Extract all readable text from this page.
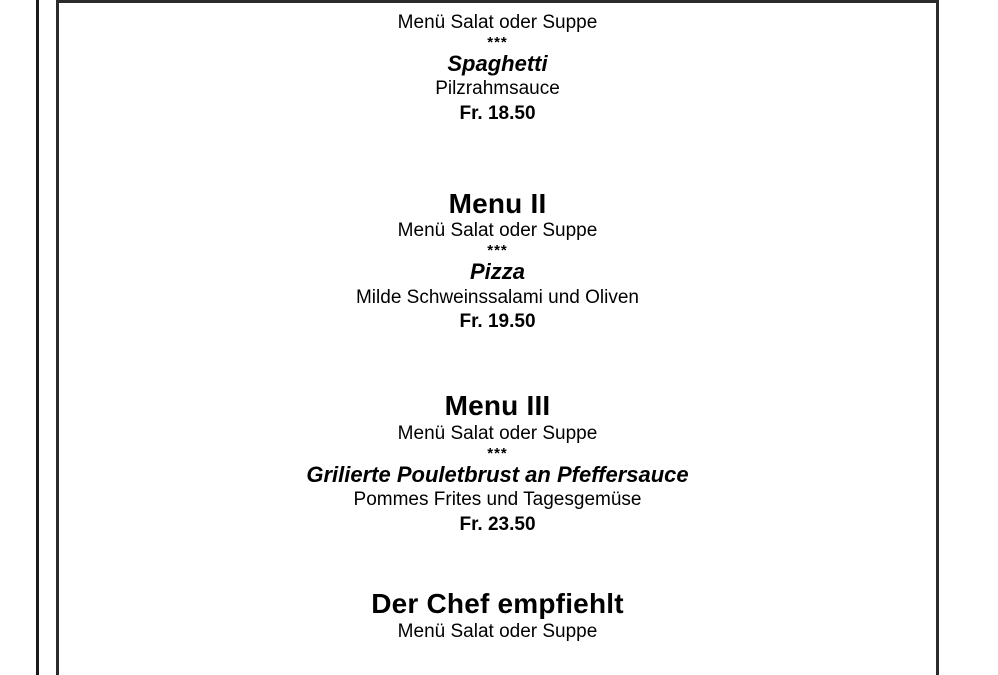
Menü Salat oder Suppe
***
Spaghetti
Pilzrahmsauce
Fr. 18.50
Menu II
Menü Salat oder Suppe
***
Pizza
Milde Schweinssalami und Oliven
Fr. 19.50
Menu III
Menü Salat oder Suppe
***
Grilierte Pouletbrust an Pfeffersauce
Pommes Frites und Tagesgemüse
Fr. 23.50
Der Chef empfiehlt
Menü Salat oder Suppe
